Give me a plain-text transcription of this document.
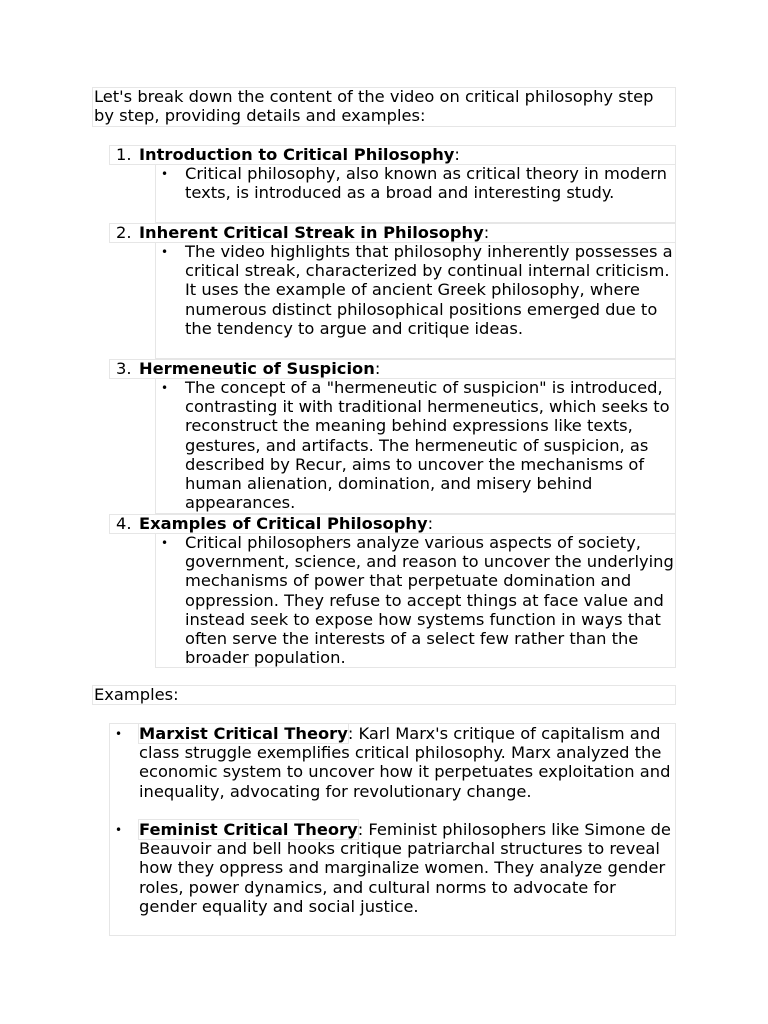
Let's break down the content of the video on critical philosophy step by step, providing details and examples:
1. Introduction to Critical Philosophy:
• Critical philosophy, also known as critical theory in modern texts, is introduced as a broad and interesting study.
2. Inherent Critical Streak in Philosophy:
• The video highlights that philosophy inherently possesses a critical streak, characterized by continual internal criticism. It uses the example of ancient Greek philosophy, where numerous distinct philosophical positions emerged due to the tendency to argue and critique ideas.
3. Hermeneutic of Suspicion:
• The concept of a "hermeneutic of suspicion" is introduced, contrasting it with traditional hermeneutics, which seeks to reconstruct the meaning behind expressions like texts, gestures, and artifacts. The hermeneutic of suspicion, as described by Recur, aims to uncover the mechanisms of human alienation, domination, and misery behind appearances.
4. Examples of Critical Philosophy:
• Critical philosophers analyze various aspects of society, government, science, and reason to uncover the underlying mechanisms of power that perpetuate domination and oppression. They refuse to accept things at face value and instead seek to expose how systems function in ways that often serve the interests of a select few rather than the broader population.
Examples:
• Marxist Critical Theory: Karl Marx's critique of capitalism and class struggle exemplifies critical philosophy. Marx analyzed the economic system to uncover how it perpetuates exploitation and inequality, advocating for revolutionary change.
• Feminist Critical Theory: Feminist philosophers like Simone de Beauvoir and bell hooks critique patriarchal structures to reveal how they oppress and marginalize women. They analyze gender roles, power dynamics, and cultural norms to advocate for gender equality and social justice.
